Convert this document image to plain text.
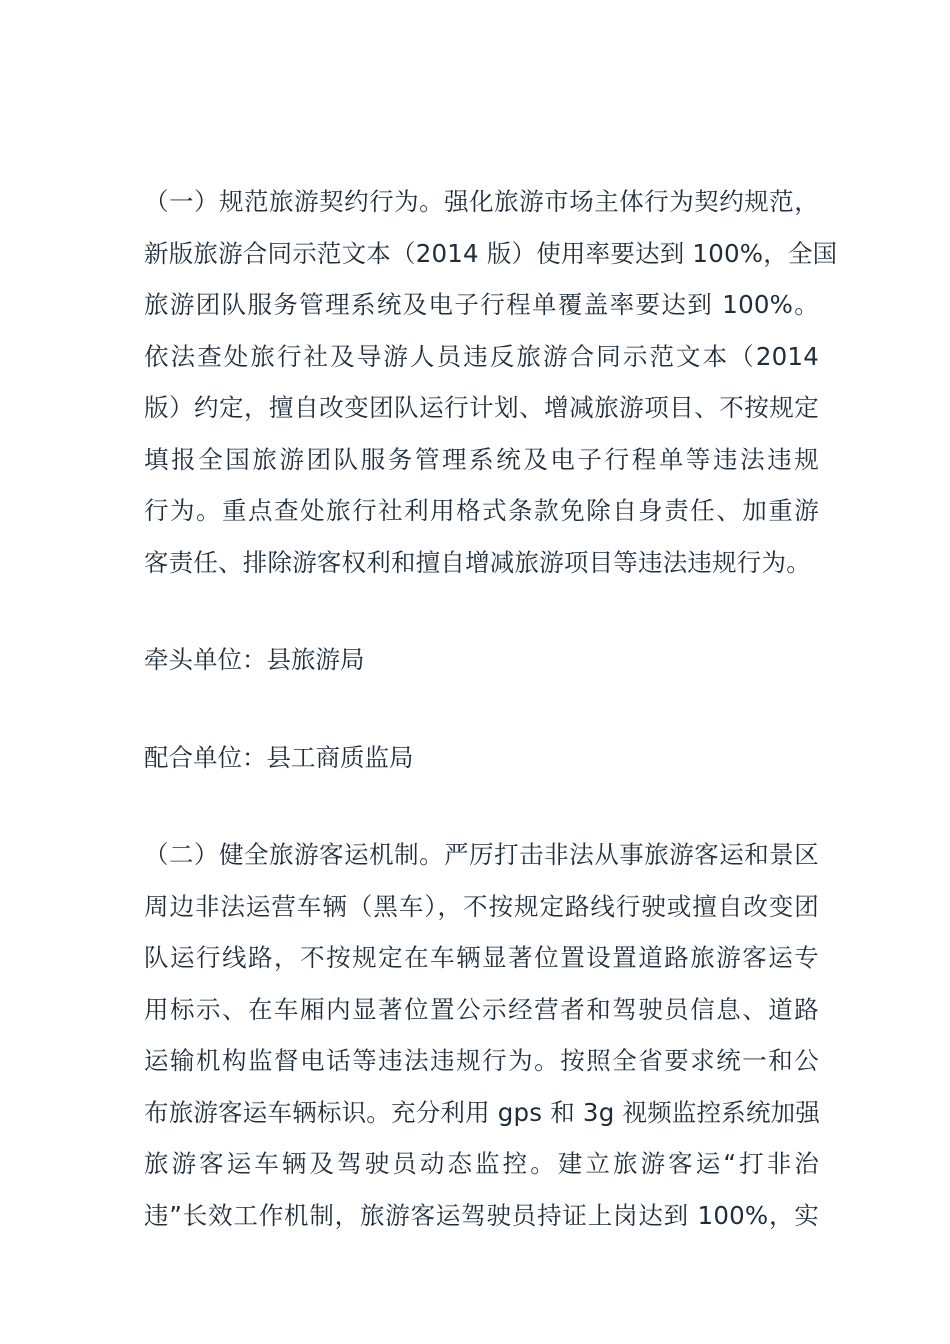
（一）规范旅游契约行为。强化旅游市场主体行为契约规范，
新版旅游合同示范文本（2014 版）使用率要达到 100%，全国
旅游团队服务管理系统及电子行程单覆盖率要达到 100%。
依法查处旅行社及导游人员违反旅游合同示范文本（2014
版）约定，擅自改变团队运行计划、增减旅游项目、不按规定
填报全国旅游团队服务管理系统及电子行程单等违法违规
行为。重点查处旅行社利用格式条款免除自身责任、加重游
客责任、排除游客权利和擅自增减旅游项目等违法违规行为。

牵头单位：县旅游局

配合单位：县工商质监局

（二）健全旅游客运机制。严厉打击非法从事旅游客运和景区
周边非法运营车辆（黑车），不按规定路线行驶或擅自改变团
队运行线路，不按规定在车辆显著位置设置道路旅游客运专
用标示、在车厢内显著位置公示经营者和驾驶员信息、道路
运输机构监督电话等违法违规行为。按照全省要求统一和公
布旅游客运车辆标识。充分利用 gps 和 3g 视频监控系统加强
旅游客运车辆及驾驶员动态监控。建立旅游客运“打非治
违”长效工作机制，旅游客运驾驶员持证上岗达到 100%，实
